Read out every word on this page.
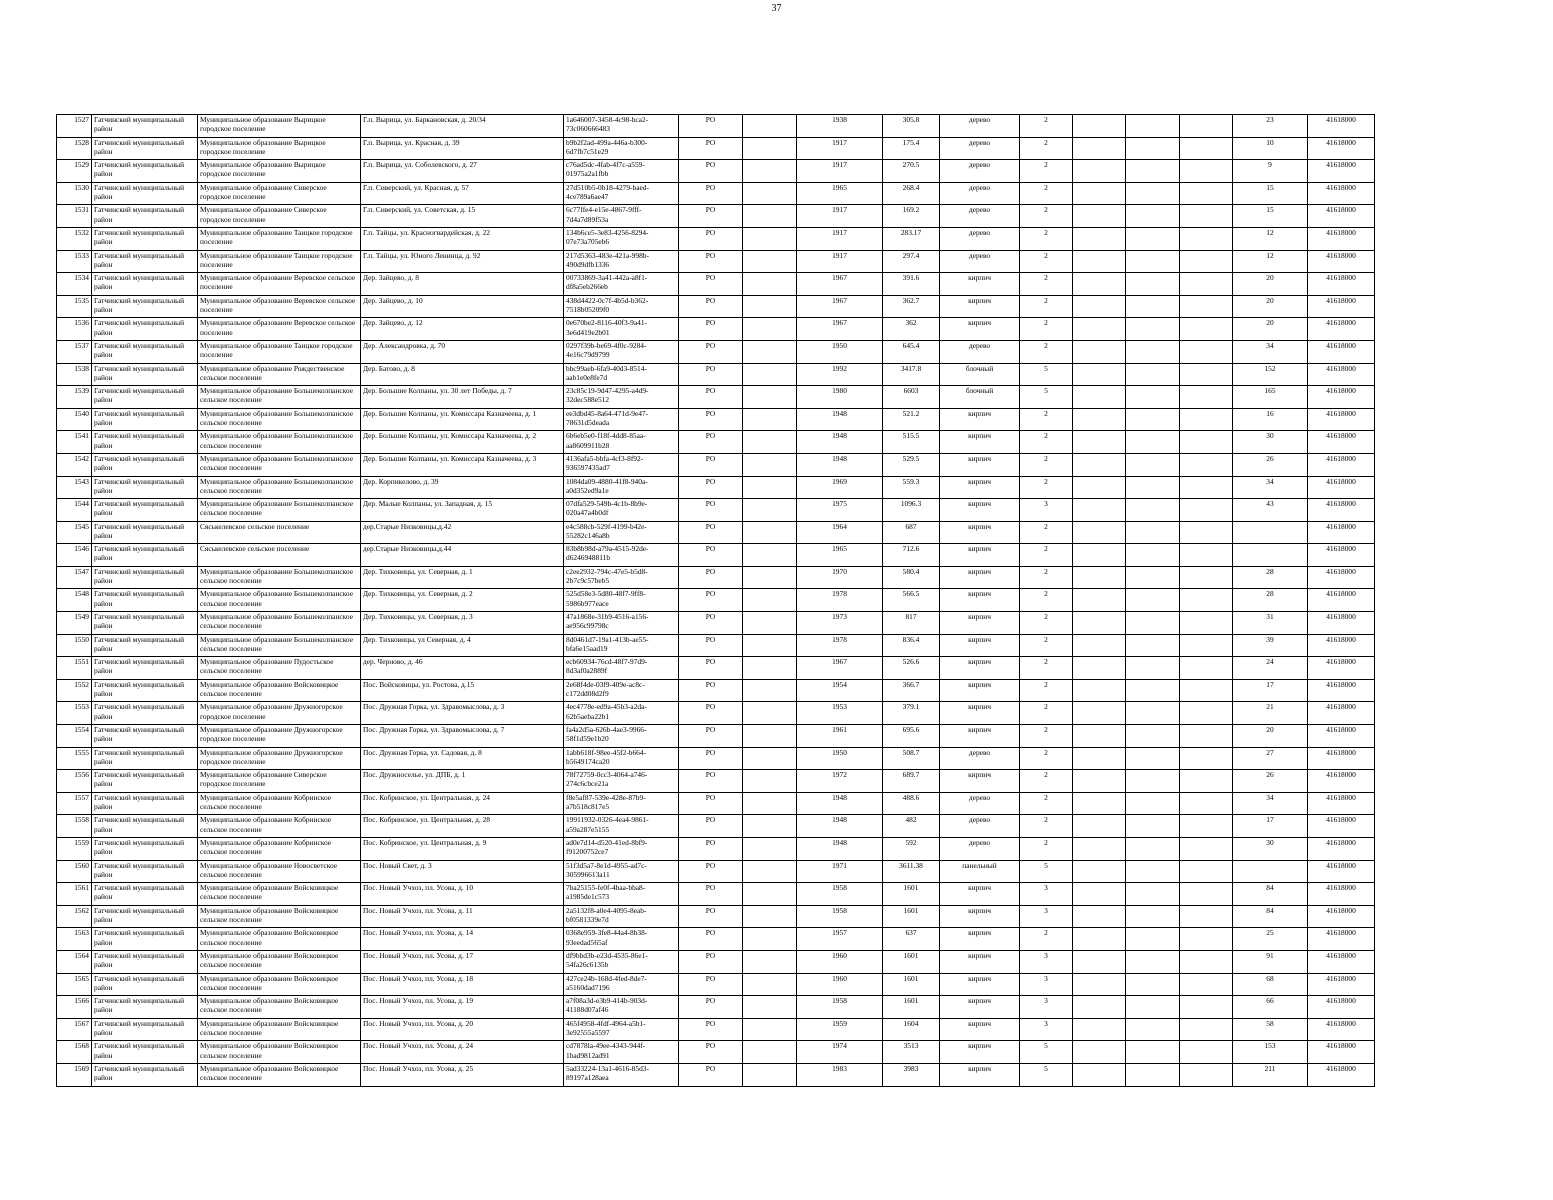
37
1527	Гатчинский муниципальный район	Муниципальное образование Вырицкое городское поселение	Г.п. Вырица, ул. Баркановская, д. 20/34	1a646007-3458-4c98-bca2-73c060666483	РО		1938	305.8	дерево	2				23	41618000
1528	Гатчинский муниципальный район	Муниципальное образование Вырицкое городское поселение	Г.п. Вырица, ул. Красная, д. 39	b9b2f2ad-499a-446a-b300-6d7fb7c51e29	РО		1917	175.4	дерево	2				10	41618000
1529	Гатчинский муниципальный район	Муниципальное образование Вырицкое городское поселение	Г.п. Вырица, ул. Соболевского, д. 27	c76ad5dc-4fab-4f7c-a559-01975a2a1fbb	РО		1917	270.5	дерево	2				9	41618000
1530	Гатчинский муниципальный район	Муниципальное образование Сиверское городское поселение	Г.п. Сиверский, ул. Красная, д. 57	27d510b5-0b18-4279-baed-4ce789a6ae47	РО		1965	268.4	дерево	2				15	41618000
1531	Гатчинский муниципальный район	Муниципальное образование Сиверское городское поселение	Г.п. Сиверский, ул. Советская, д. 15	6c77ffe4-e15e-4867-9fff-7d4a7d89f53a	РО		1917	169.2	дерево	2				15	41618000
1532	Гатчинский муниципальный район	Муниципальное образование Таицкое городское поселение	Г.п. Тайцы, ул. Красногвардейская, д. 22	134b6ce5-3e83-4256-8294-07e73a705eb6	РО		1917	283.17	дерево	2				12	41618000
1533	Гатчинский муниципальный район	Муниципальное образование Таицкое городское поселение	Г.п. Тайцы, ул. Юного Ленинца, д. 92	217d5363-483e-421a-998b-490d9dfb1336	РО		1917	297.4	дерево	2				12	41618000
1534	Гатчинский муниципальный район	Муниципальное образование Веревское сельское поселение	Дер. Зайцево, д. 8	00733869-3a41-442a-a8f1-df8a5eb266eb	РО		1967	391.6	кирпич	2				20	41618000
1535	Гатчинский муниципальный район	Муниципальное образование Веревское сельское поселение	Дер. Зайцево, д. 10	438d4422-0c7f-4b5d-b362-7518b05209f0	РО		1967	362.7	кирпич	2				20	41618000
1536	Гатчинский муниципальный район	Муниципальное образование Веревское сельское поселение	Дер. Зайцево, д. 12	0e670be2-8116-40f3-9a41-3e6d419e2b01	РО		1967	362	кирпич	2				20	41618000
1537	Гатчинский муниципальный район	Муниципальное образование Таицкое городское поселение	Дер. Александровка, д. 70	0297f39b-be69-4f0c-9284-4e16c79d9799	РО		1950	645.4	дерево	2				34	41618000
1538	Гатчинский муниципальный район	Муниципальное образование Рождественское сельское поселение	Дер. Батово, д. 8	bbc99aeb-6fa9-40d3-8514-aab1e0e8fe7d	РО		1992	3417.8	блочный	5				152	41618000
1539	Гатчинский муниципальный район	Муниципальное образование Большеколпанское сельское поселение	Дер. Большие Колпаны, ул. 30 лет Победы, д. 7	23c85c19-9d47-4295-a4d9-32dec588e512	РО		1980	6603	блочный	5				165	41618000
1540	Гатчинский муниципальный район	Муниципальное образование Большеколпанское сельское поселение	Дер. Большие Колпаны, ул. Комиссара Казначеева, д. 1	ee3dbd45-8a64-471d-9e47-78631d5deada	РО		1948	521.2	кирпич	2				16	41618000
1541	Гатчинский муниципальный район	Муниципальное образование Большеколпанское сельское поселение	Дер. Большие Колпаны, ул. Комиссара Казначеева, д. 2	6b6eb5e0-f18f-4dd8-85aa-aa8609911b28	РО		1948	515.5	кирпич	2				30	41618000
1542	Гатчинский муниципальный район	Муниципальное образование Большеколпанское сельское поселение	Дер. Большие Колпаны, ул. Комиссара Казначеева, д. 3	4136afa5-bbfa-4cf3-8f92-936597435ad7	РО		1948	529.5	кирпич	2				26	41618000
1543	Гатчинский муниципальный район	Муниципальное образование Большеколпанское сельское поселение	Дер. Корпикелово, д. 39	1084da09-4880-41f8-940a-a0d352ed9a1e	РО		1969	559.3	кирпич	2				34	41618000
1544	Гатчинский муниципальный район	Муниципальное образование Большеколпанское сельское поселение	Дер. Малые Колпаны, ул. Западная, д. 15	07dfa529-549b-4c1b-8b9e-020a47a4b0df	РО		1975	1096.3	кирпич	3				43	41618000
1545	Гатчинский муниципальный район	Сяськелевское сельское поселение	дер.Старые Низковицы,д.42	e4c588cb-529f-4199-b42e-55282c146a8b	РО		1964	687	кирпич	2					41618000
1546	Гатчинский муниципальный район	Сяськелевское сельское поселение	дер.Старые Низковицы,д.44	83b8b98d-a79a-4515-92de-d6246948811b	РО		1965	712.6	кирпич	2					41618000
1547	Гатчинский муниципальный район	Муниципальное образование Большеколпанское сельское поселение	Дер. Тихковицы, ул. Северная, д. 1	c2ee2932-794c-47e5-b5d8-2b7c9c57beb5	РО		1970	580.4	кирпич	2				28	41618000
1548	Гатчинский муниципальный район	Муниципальное образование Большеколпанское сельское поселение	Дер. Тихковицы, ул. Северная, д. 2	525d58e3-5d80-48f7-9ff8-5986b977eace	РО		1978	566.5	кирпич	2				28	41618000
1549	Гатчинский муниципальный район	Муниципальное образование Большеколпанское сельское поселение	Дер. Тихковицы, ул. Северная, д. 3	47a1868e-31b9-4516-a156-ae956c99798c	РО		1973	817	кирпич	2				31	41618000
1550	Гатчинский муниципальный район	Муниципальное образование Большеколпанское сельское поселение	Дер. Тихковицы, ул Северная, д. 4	8d0461d7-19a1-413b-ae55-bfa6e15aad19	РО		1978	836.4	кирпич	2				39	41618000
1551	Гатчинский муниципальный район	Муниципальное образование Пудостьское сельское поселение	дер. Черново, д. 46	ecb60934-76cd-48f7-97d9-8d3af0a2889f	РО		1967	526.6	кирпич	2				24	41618000
1552	Гатчинский муниципальный район	Муниципальное образование Войсковицкое сельское поселение	Пос. Войсковицы, ул. Ростова, д.15	2e68f4de-03f9-409e-ac8c-c172dd08d2f9	РО		1954	366.7	кирпич	2				17	41618000
1553	Гатчинский муниципальный район	Муниципальное образование Дружногорское городское поселение	Пос. Дружная Горка, ул. Здравомыслова, д. 3	4ec4778e-ed9a-45b3-a2da-62b5aeba22b1	РО		1953	379.1	кирпич	2				21	41618000
1554	Гатчинский муниципальный район	Муниципальное образование Дружногорское городское поселение	Пос. Дружная Горка, ул. Здравомыслова, д. 7	fa4a2d5a-626b-4ae3-9966-58f1d59e1b20	РО		1961	695.6	кирпич	2				20	41618000
1555	Гатчинский муниципальный район	Муниципальное образование Дружногорское городское поселение	Пос. Дружная Горка, ул. Садовая, д. 8	1abb618f-98ee-45f2-b664-b5649174ca20	РО		1950	508.7	дерево	2				27	41618000
1556	Гатчинский муниципальный район	Муниципальное образование Сиверское городское поселение	Пос. Дружноселье, ул. ДПБ, д. 1	78f72759-0cc3-4064-a746-274c6cbce21a	РО		1972	689.7	кирпич	2				26	41618000
1557	Гатчинский муниципальный район	Муниципальное образование Кобринское сельское поселение	Пос. Кобринское, ул. Центральная, д. 24	f8e5af87-539e-428e-87b9-a7b518c817e5	РО		1948	488.6	дерево	2				34	41618000
1558	Гатчинский муниципальный район	Муниципальное образование Кобринское сельское поселение	Пос. Кобринское, ул. Центральная, д. 28	19911932-0326-4ea4-9861-a59a287e5155	РО		1948	482	дерево	2				17	41618000
1559	Гатчинский муниципальный район	Муниципальное образование Кобринское сельское поселение	Пос. Кобринское, ул. Центральная, д. 9	ad0e7d14-d520-41ed-8bf9-f91200752ce7	РО		1948	592	дерево	2				30	41618000
1560	Гатчинский муниципальный район	Муниципальное образование Новосветское сельское поселение	Пос. Новый Свет, д. 3	51f3d5a7-8e1d-4955-ad7c-305996613a11	РО		1971	3611.38	панельный	5					41618000
1561	Гатчинский муниципальный район	Муниципальное образование Войсковицкое сельское поселение	Пос. Новый Учхоз, пл. Усова, д. 10	7ba25155-fe0f-4baa-bba8-a1985de1c573	РО		1958	1601	кирпич	3				84	41618000
1562	Гатчинский муниципальный район	Муниципальное образование Войсковицкое сельское поселение	Пос. Новый Учхоз, пл. Усова, д. 11	2a5132f8-a0e4-4095-8eab-bf0581339e7d	РО		1958	1601	кирпич	3				84	41618000
1563	Гатчинский муниципальный район	Муниципальное образование Войсковицкое сельское поселение	Пос. Новый Учхоз, пл. Усова, д. 14	0368e959-3fe8-44a4-8b38-93eedad565af	РО		1957	637	кирпич	2				25	41618000
1564	Гатчинский муниципальный район	Муниципальное образование Войсковицкое сельское поселение	Пос. Новый Учхоз, пл. Усова, д. 17	df9bbd3b-e23d-4535-86e1-54fa26c6135b	РО		1960	1601	кирпич	3				91	41618000
1565	Гатчинский муниципальный район	Муниципальное образование Войсковицкое сельское поселение	Пос. Новый Учхоз, пл. Усова, д. 18	427ce24b-168d-4fed-8de7-a5160dad7196	РО		1960	1601	кирпич	3				68	41618000
1566	Гатчинский муниципальный район	Муниципальное образование Войсковицкое сельское поселение	Пос. Новый Учхоз, пл. Усова, д. 19	a7f08a3d-e3b9-414b-903d-41188d07af46	РО		1958	1601	кирпич	3				66	41618000
1567	Гатчинский муниципальный район	Муниципальное образование Войсковицкое сельское поселение	Пос. Новый Учхоз, пл. Усова, д. 20	465f4958-4fdf-4964-a5b1-3e92555a5597	РО		1959	1604	кирпич	3				58	41618000
1568	Гатчинский муниципальный район	Муниципальное образование Войсковицкое сельское поселение	Пос. Новый Учхоз, пл. Усова, д. 24	cd7878la-49ee-4343-944f-1bad9812ad91	РО		1974	3513	кирпич	5				153	41618000
1569	Гатчинский муниципальный район	Муниципальное образование Войсковицкое сельское поселение	Пос. Новый Учхоз, пл. Усова, д. 25	5ad33224-13a1-4616-85d3-89197a128aea	РО		1983	3983	кирпич	5				211	41618000
